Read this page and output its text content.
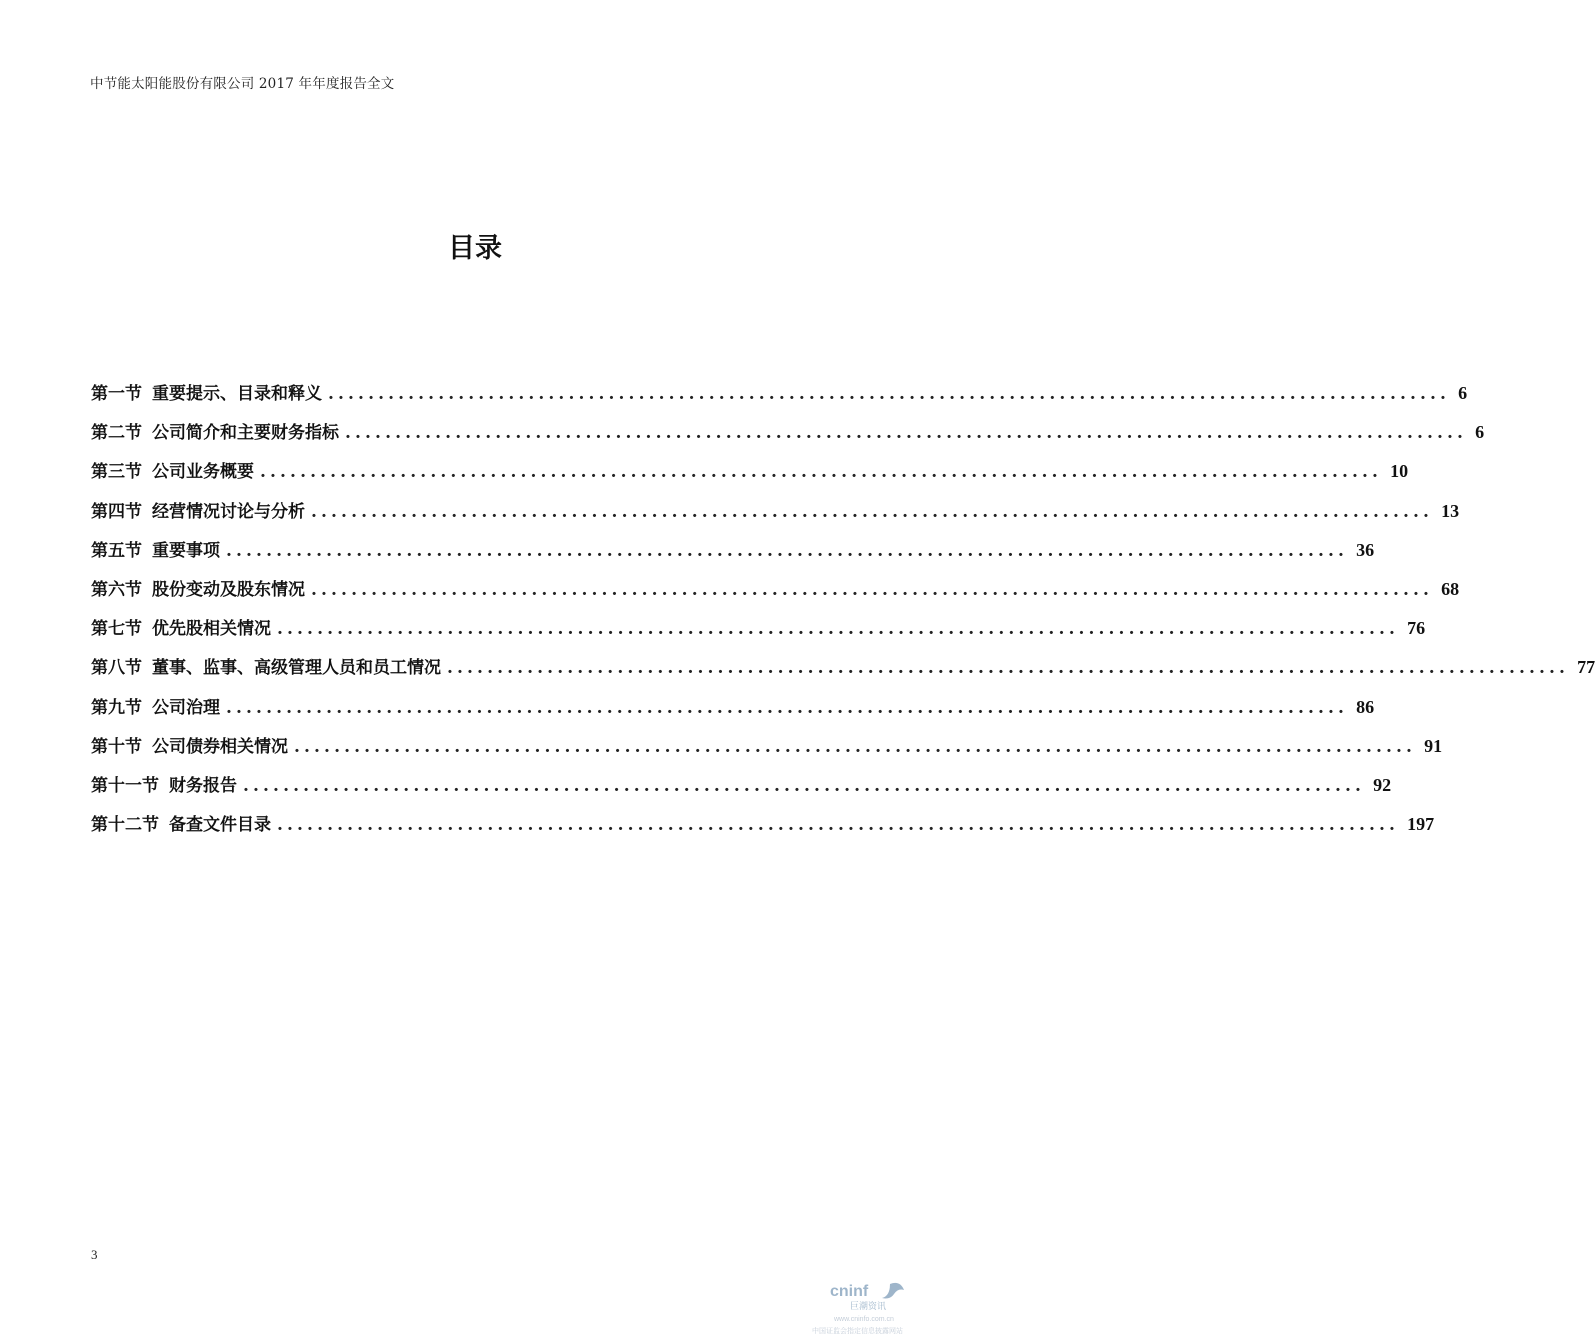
中节能太阳能股份有限公司 2017 年年度报告全文
目录
第一节 重要提示、目录和释义 ................................................................................................................ 6
第二节 公司简介和主要财务指标 ................................................................................................................ 6
第三节 公司业务概要 ................................................................................................................ 10
第四节 经营情况讨论与分析 ................................................................................................................ 13
第五节 重要事项 ................................................................................................................ 36
第六节 股份变动及股东情况 ................................................................................................................ 68
第七节 优先股相关情况 ................................................................................................................ 76
第八节 董事、监事、高级管理人员和员工情况 ................................................................................................................ 77
第九节 公司治理 ................................................................................................................ 86
第十节 公司债券相关情况 ................................................................................................................ 91
第十一节 财务报告 ................................................................................................................ 92
第十二节 备查文件目录 ................................................................................................................ 197
3
cninf
巨潮资讯
www.cninfo.com.cn
中国证监会指定信息披露网站
